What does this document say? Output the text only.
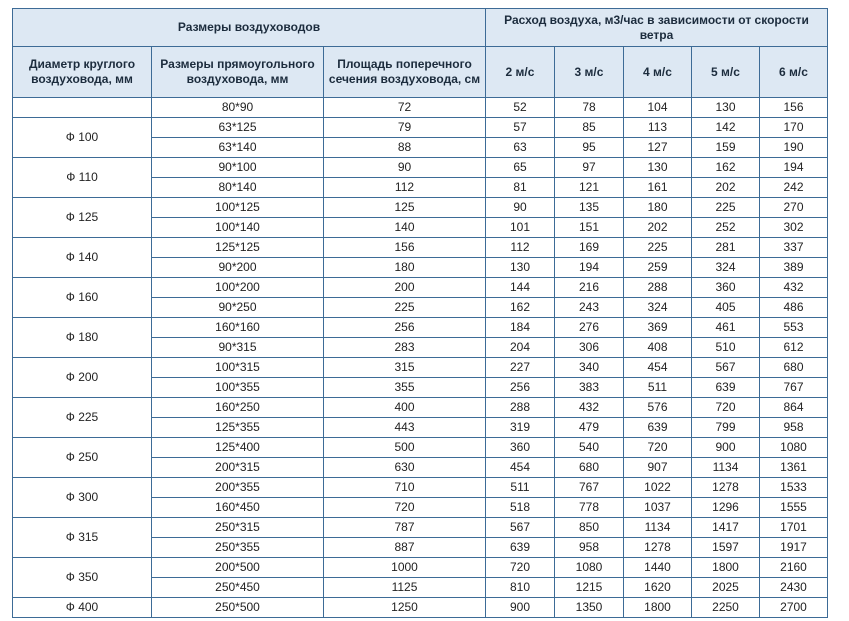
Размеры воздуховодов			Расход воздуха, м3/час в зависимости от скорости ветра				
Диаметр круглого воздуховода, мм	Размеры прямоугольного воздуховода, мм	Площадь поперечного сечения воздуховода, см	2 м/с	3 м/с	4 м/с	5 м/с	6 м/с
	80*90	72	52	78	104	130	156
Ф 100	63*125	79	57	85	113	142	170
	63*140	88	63	95	127	159	190
Ф 110	90*100	90	65	97	130	162	194
	80*140	112	81	121	161	202	242
Ф 125	100*125	125	90	135	180	225	270
	100*140	140	101	151	202	252	302
Ф 140	125*125	156	112	169	225	281	337
	90*200	180	130	194	259	324	389
Ф 160	100*200	200	144	216	288	360	432
	90*250	225	162	243	324	405	486
Ф 180	160*160	256	184	276	369	461	553
	90*315	283	204	306	408	510	612
Ф 200	100*315	315	227	340	454	567	680
	100*355	355	256	383	511	639	767
Ф 225	160*250	400	288	432	576	720	864
	125*355	443	319	479	639	799	958
Ф 250	125*400	500	360	540	720	900	1080
	200*315	630	454	680	907	1134	1361
Ф 300	200*355	710	511	767	1022	1278	1533
	160*450	720	518	778	1037	1296	1555
Ф 315	250*315	787	567	850	1134	1417	1701
	250*355	887	639	958	1278	1597	1917
Ф 350	200*500	1000	720	1080	1440	1800	2160
	250*450	1125	810	1215	1620	2025	2430
Ф 400	250*500	1250	900	1350	1800	2250	2700
